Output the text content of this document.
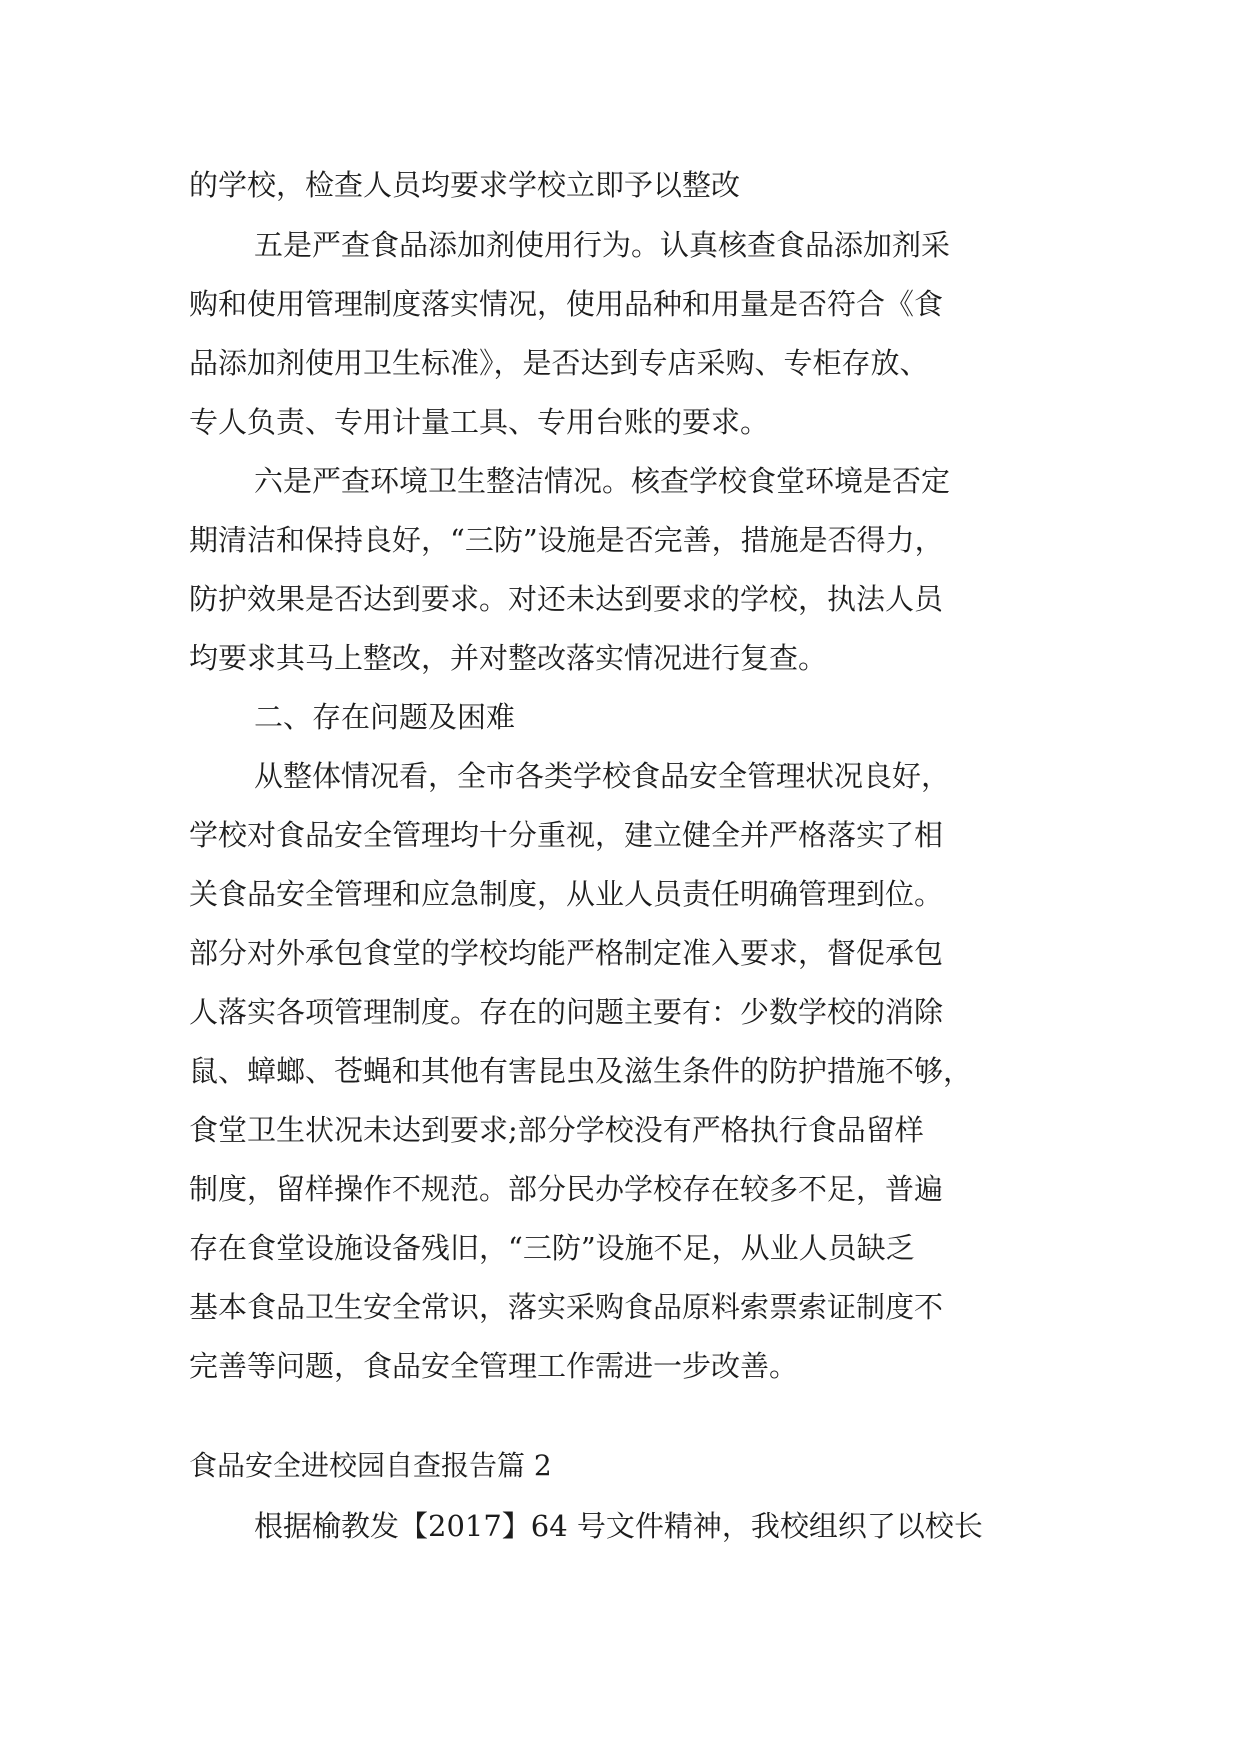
的学校，检查人员均要求学校立即予以整改
五是严查食品添加剂使用行为。认真核查食品添加剂采
购和使用管理制度落实情况，使用品种和用量是否符合《食
品添加剂使用卫生标准》，是否达到专店采购、专柜存放、
专人负责、专用计量工具、专用台账的要求。
六是严查环境卫生整洁情况。核查学校食堂环境是否定
期清洁和保持良好，“三防”设施是否完善，措施是否得力，
防护效果是否达到要求。对还未达到要求的学校，执法人员
均要求其马上整改，并对整改落实情况进行复查。
二、存在问题及困难
从整体情况看，全市各类学校食品安全管理状况良好，
学校对食品安全管理均十分重视，建立健全并严格落实了相
关食品安全管理和应急制度，从业人员责任明确管理到位。
部分对外承包食堂的学校均能严格制定准入要求，督促承包
人落实各项管理制度。存在的问题主要有：少数学校的消除
鼠、蟑螂、苍蝇和其他有害昆虫及滋生条件的防护措施不够，
食堂卫生状况未达到要求;部分学校没有严格执行食品留样
制度，留样操作不规范。部分民办学校存在较多不足，普遍
存在食堂设施设备残旧，“三防”设施不足，从业人员缺乏
基本食品卫生安全常识，落实采购食品原料索票索证制度不
完善等问题，食品安全管理工作需进一步改善。
食品安全进校园自查报告篇 2
根据榆教发【2017】64 号文件精神，我校组织了以校长
